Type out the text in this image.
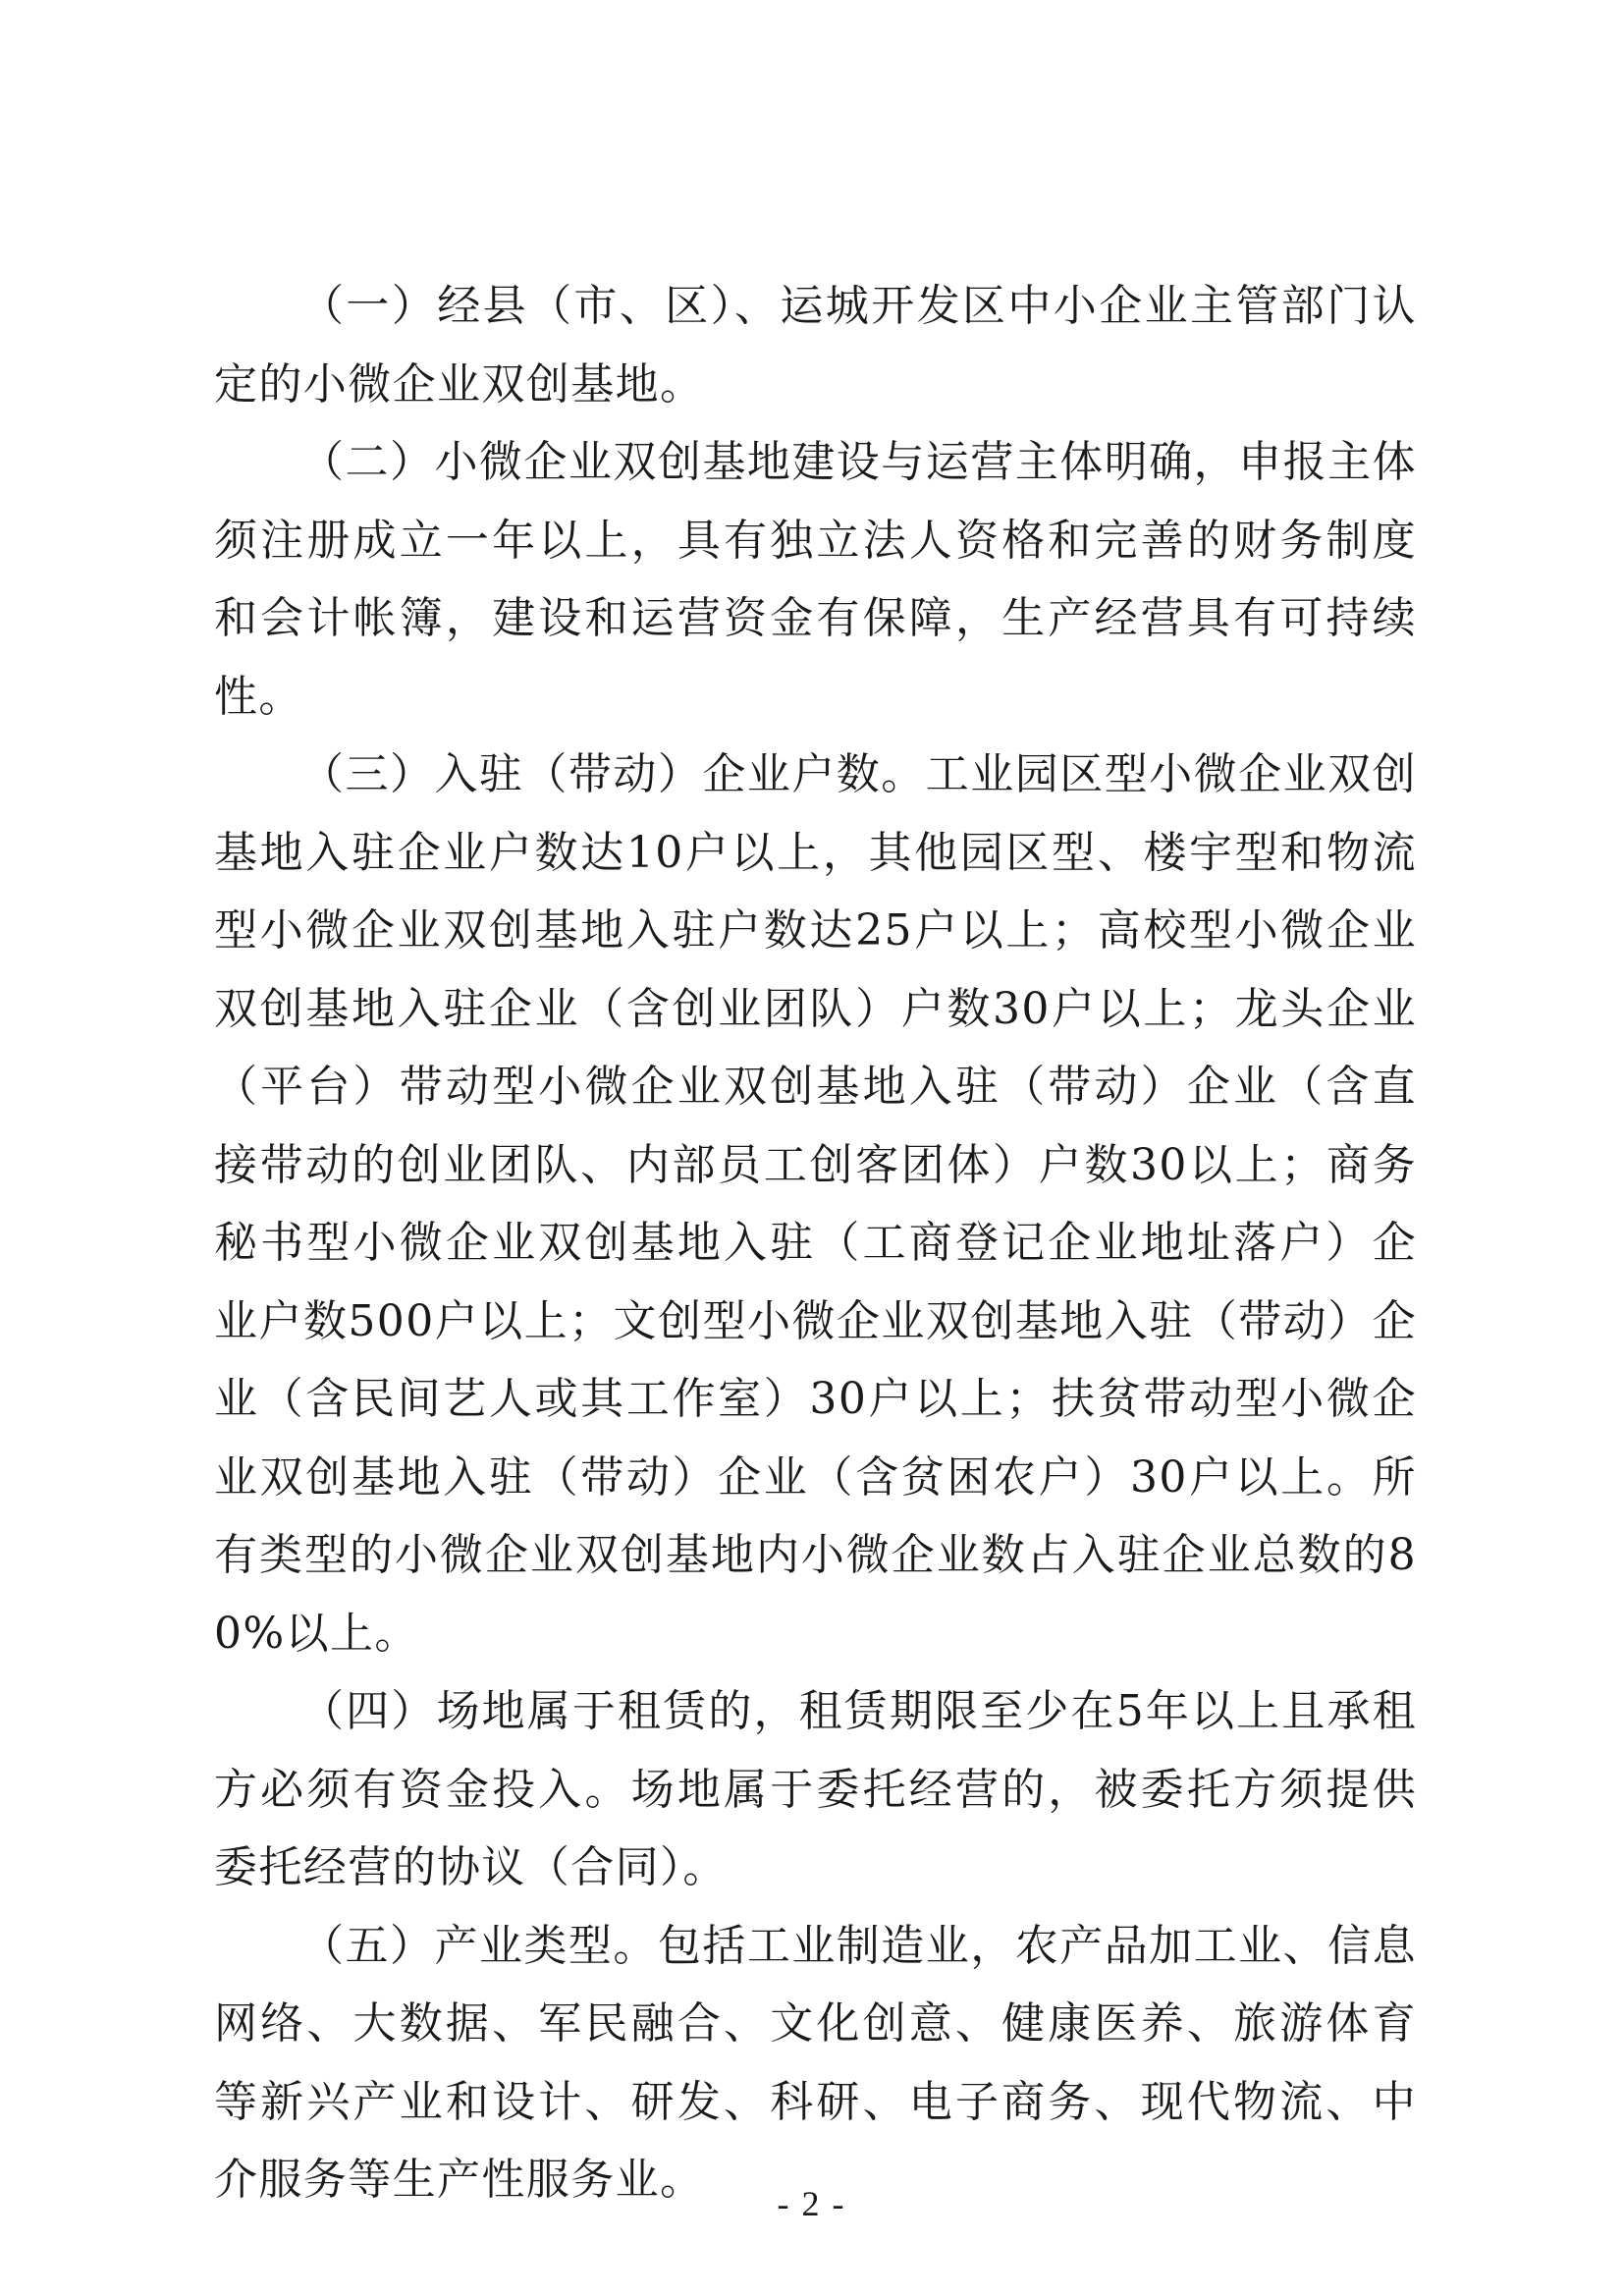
（一）经县（市、区）、运城开发区中小企业主管部门认定的小微企业双创基地。

（二）小微企业双创基地建设与运营主体明确，申报主体须注册成立一年以上，具有独立法人资格和完善的财务制度和会计帐簿，建设和运营资金有保障，生产经营具有可持续性。

（三）入驻（带动）企业户数。工业园区型小微企业双创基地入驻企业户数达10户以上，其他园区型、楼宇型和物流型小微企业双创基地入驻户数达25户以上；高校型小微企业双创基地入驻企业（含创业团队）户数30户以上；龙头企业（平台）带动型小微企业双创基地入驻（带动）企业（含直接带动的创业团队、内部员工创客团体）户数30以上；商务秘书型小微企业双创基地入驻（工商登记企业地址落户）企业户数500户以上；文创型小微企业双创基地入驻（带动）企业（含民间艺人或其工作室）30户以上；扶贫带动型小微企业双创基地入驻（带动）企业（含贫困农户）30户以上。所有类型的小微企业双创基地内小微企业数占入驻企业总数的80%以上。

（四）场地属于租赁的，租赁期限至少在5年以上且承租方必须有资金投入。场地属于委托经营的，被委托方须提供委托经营的协议（合同）。

（五）产业类型。包括工业制造业，农产品加工业、信息网络、大数据、军民融合、文化创意、健康医养、旅游体育等新兴产业和设计、研发、科研、电子商务、现代物流、中介服务等生产性服务业。	- 2 -
